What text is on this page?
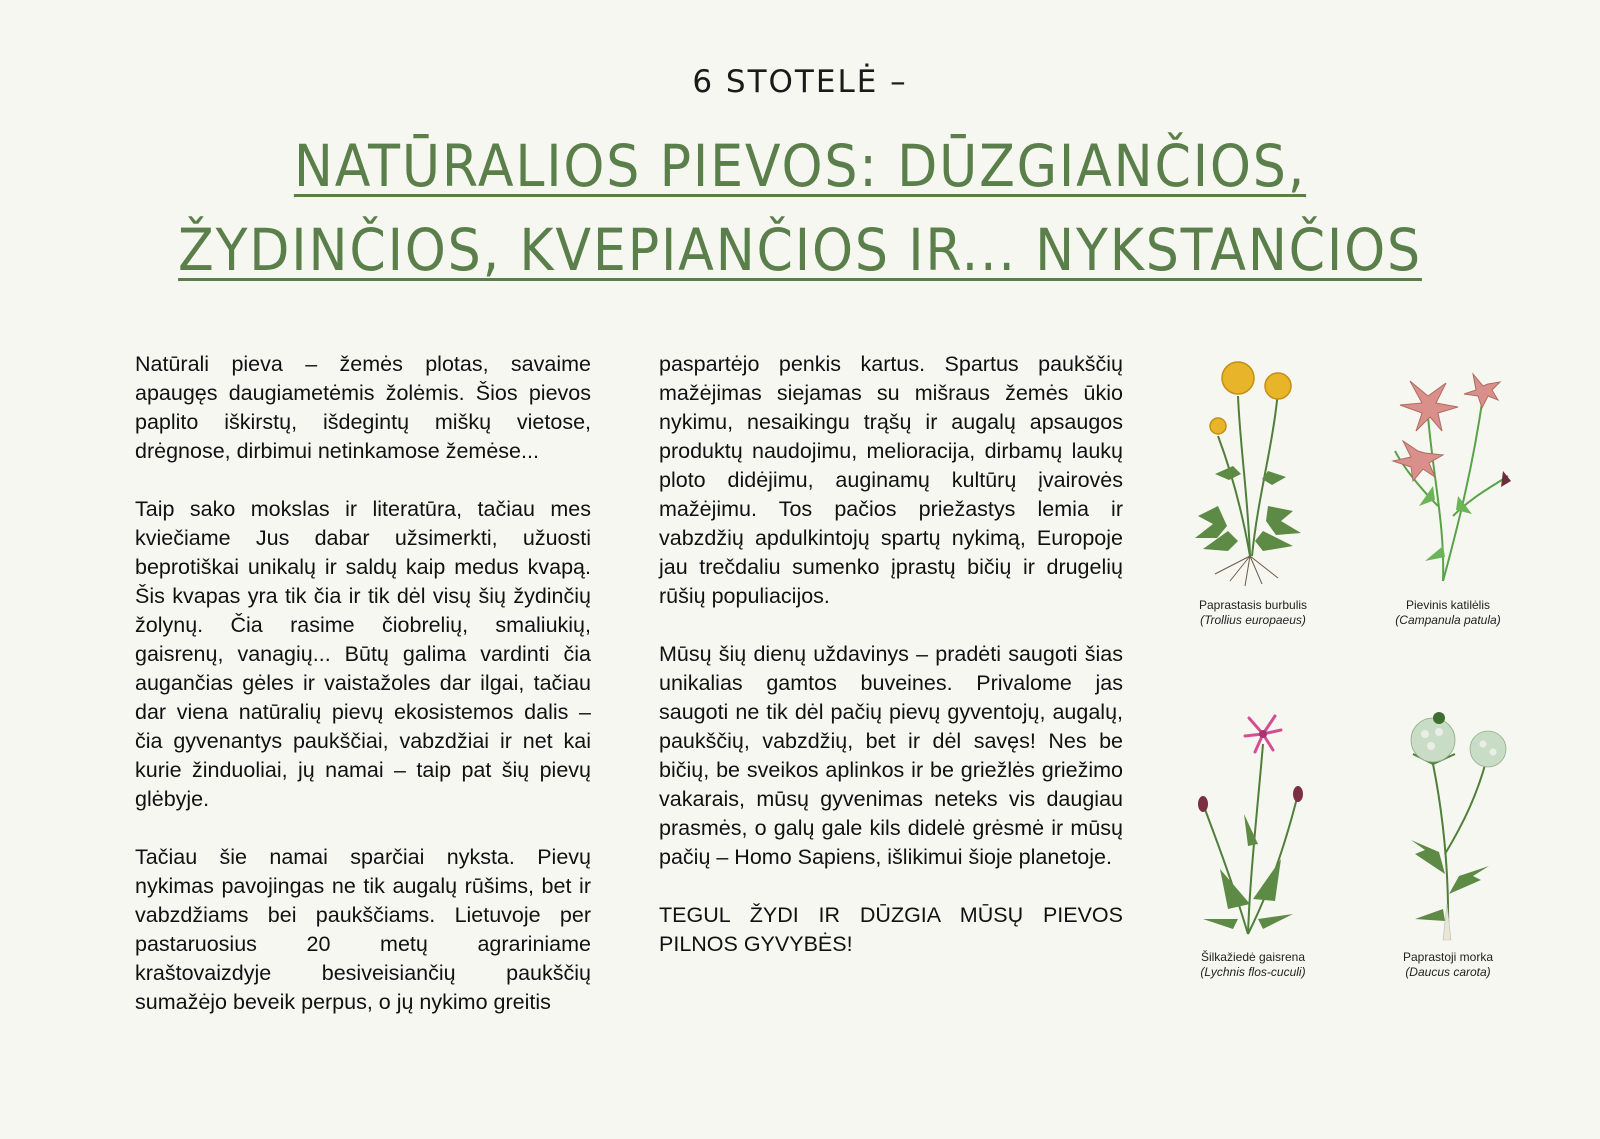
6 STOTELĖ –
NATŪRALIOS PIEVOS: DŪZGIANČIOS,
ŽYDINČIOS, KVEPIANČIOS IR... NYKSTANČIOS

Natūrali pieva – žemės plotas, savaime apaugęs daugiametėmis žolėmis. Šios pievos paplito iškirstų, išdegintų miškų vietose, drėgnose, dirbimui netinkamose žemėse...

Taip sako mokslas ir literatūra, tačiau mes kviečiame Jus dabar užsimerkti, užuosti beprotiškai unikalų ir saldų kaip medus kvapą. Šis kvapas yra tik čia ir tik dėl visų šių žydinčių žolynų. Čia rasime čiobrelių, smaliukių, gaisrenų, vanagių... Būtų galima vardinti čia augančias gėles ir vaistažoles dar ilgai, tačiau dar viena natūralių pievų ekosistemos dalis – čia gyvenantys paukščiai, vabzdžiai ir net kai kurie žinduoliai, jų namai – taip pat šių pievų glėbyje.

Tačiau šie namai sparčiai nyksta. Pievų nykimas pavojingas ne tik augalų rūšims, bet ir vabzdžiams bei paukščiams. Lietuvoje per pastaruosius 20 metų agrariniame kraštovaizdyje besiveisiančių paukščių sumažėjo beveik perpus, o jų nykimo greitis

paspartėjo penkis kartus. Spartus paukščių mažėjimas siejamas su mišraus žemės ūkio nykimu, nesaikingu trąšų ir augalų apsaugos produktų naudojimu, melioracija, dirbamų laukų ploto didėjimu, auginamų kultūrų įvairovės mažėjimu. Tos pačios priežastys lemia ir vabzdžių apdulkintojų spartų nykimą, Europoje jau trečdaliu sumenko įprastų bičių ir drugelių rūšių populiacijos.

Mūsų šių dienų uždavinys – pradėti saugoti šias unikalias gamtos buveines. Privalome jas saugoti ne tik dėl pačių pievų gyventojų, augalų, paukščių, vabzdžių, bet ir dėl savęs! Nes be bičių, be sveikos aplinkos ir be griežlės griežimo vakarais, mūsų gyvenimas neteks vis daugiau prasmės, o galų gale kils didelė grėsmė ir mūsų pačių – Homo Sapiens, išlikimui šioje planetoje.

TEGUL ŽYDI IR DŪZGIA MŪSŲ PIEVOS PILNOS GYVYBĖS!

Paprastasis burbulis
(Trollius europaeus)
Pievinis katilėlis
(Campanula patula)
Šilkažiedė gaisrena
(Lychnis flos-cuculi)
Paprastoji morka
(Daucus carota)
